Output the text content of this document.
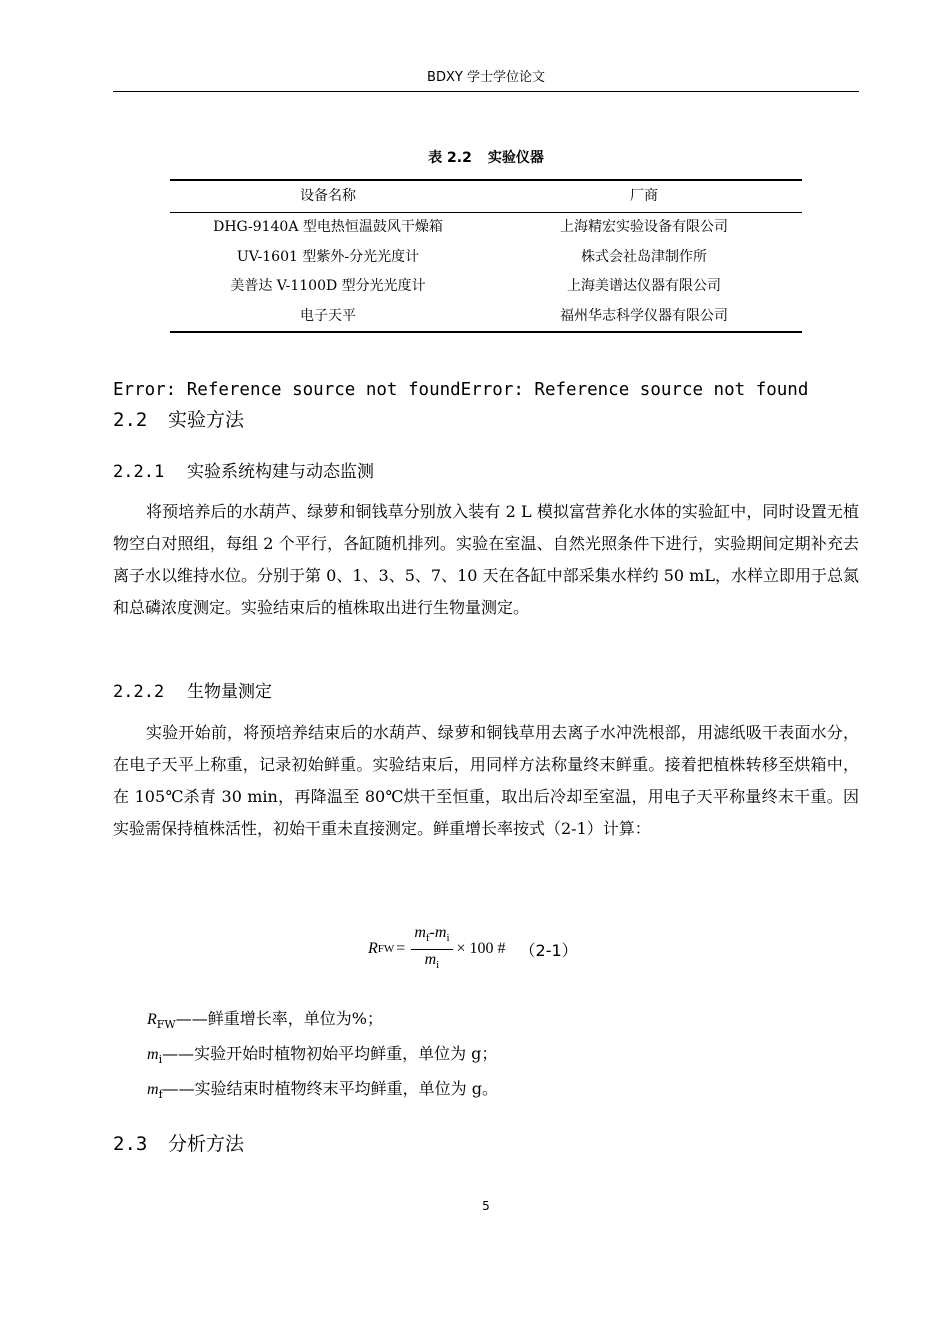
BDXY 学士学位论文
表 2.2 实验仪器
设备名称	厂商
DHG-9140A 型电热恒温鼓风干燥箱	上海精宏实验设备有限公司
UV-1601 型紫外-分光光度计	株式会社岛津制作所
美普达 V-1100D 型分光光度计	上海美谱达仪器有限公司
电子天平	福州华志科学仪器有限公司
Error: Reference source not foundError: Reference source not found
2.2 实验方法
2.2.1 实验系统构建与动态监测

将预培养后的水葫芦、绿萝和铜钱草分别放入装有 2 L 模拟富营养化水体的实验缸中，同时设置无植物空白对照组，每组 2 个平行，各缸随机排列。实验在室温、自然光照条件下进行，实验期间定期补充去离子水以维持水位。分别于第 0、1、3、5、7、10 天在各缸中部采集水样约 50 mL，水样立即用于总氮和总磷浓度测定。实验结束后的植株取出进行生物量测定。

2.2.2 生物量测定

实验开始前，将预培养结束后的水葫芦、绿萝和铜钱草用去离子水冲洗根部，用滤纸吸干表面水分，在电子天平上称重，记录初始鲜重。实验结束后，用同样方法称量终末鲜重。接着把植株转移至烘箱中，在 105℃杀青 30 min，再降温至 80℃烘干至恒重，取出后冷却至室温，用电子天平称量终末干重。因实验需保持植株活性，初始干重未直接测定。鲜重增长率按式（2-1）计算：

R FW = $\frac{m_f-m_i}{m_i} \times 100$ # （2-1）
$R_{FW}——$鲜重增长率，单位为%；
$m_i——$实验开始时植物初始平均鲜重，单位为 g；
$m_f——$实验结束时植物终末平均鲜重，单位为 g。
2.3 分析方法
5
